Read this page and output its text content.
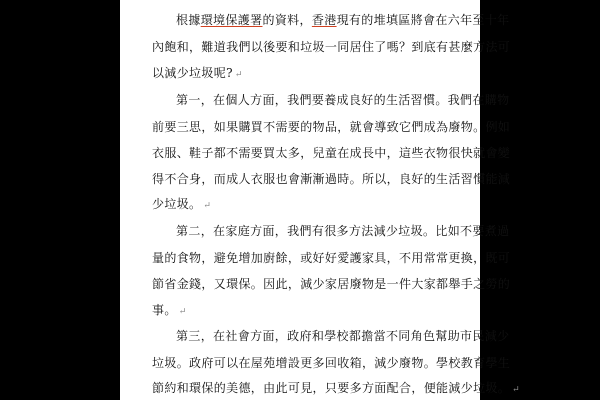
根據環境保護署的資料，香港現有的堆填區將會在六年至十年
內飽和，難道我們以後要和垃圾一同居住了嗎？到底有甚麼方法可
以減少垃圾呢? ↵
第一，在個人方面，我們要養成良好的生活習慣。我們在購物
前要三思，如果購買不需要的物品，就會導致它們成為廢物。例如
衣服、鞋子都不需要買太多，兒童在成長中，這些衣物很快就會變
得不合身，而成人衣服也會漸漸過時。所以，良好的生活習慣能減
少垃圾。 ↵
第二，在家庭方面，我們有很多方法減少垃圾。比如不要煮過
量的食物，避免增加廚餘，或好好愛護家具，不用常常更換，既可
節省金錢，又環保。因此，減少家居廢物是一件大家都舉手之勞的
事。 ↵
第三，在社會方面，政府和學校都擔當不同角色幫助市民減少
垃圾。政府可以在屋苑增設更多回收箱，減少廢物。學校教育學生
節約和環保的美德，由此可見，只要多方面配合，便能減少垃圾。 ↵
